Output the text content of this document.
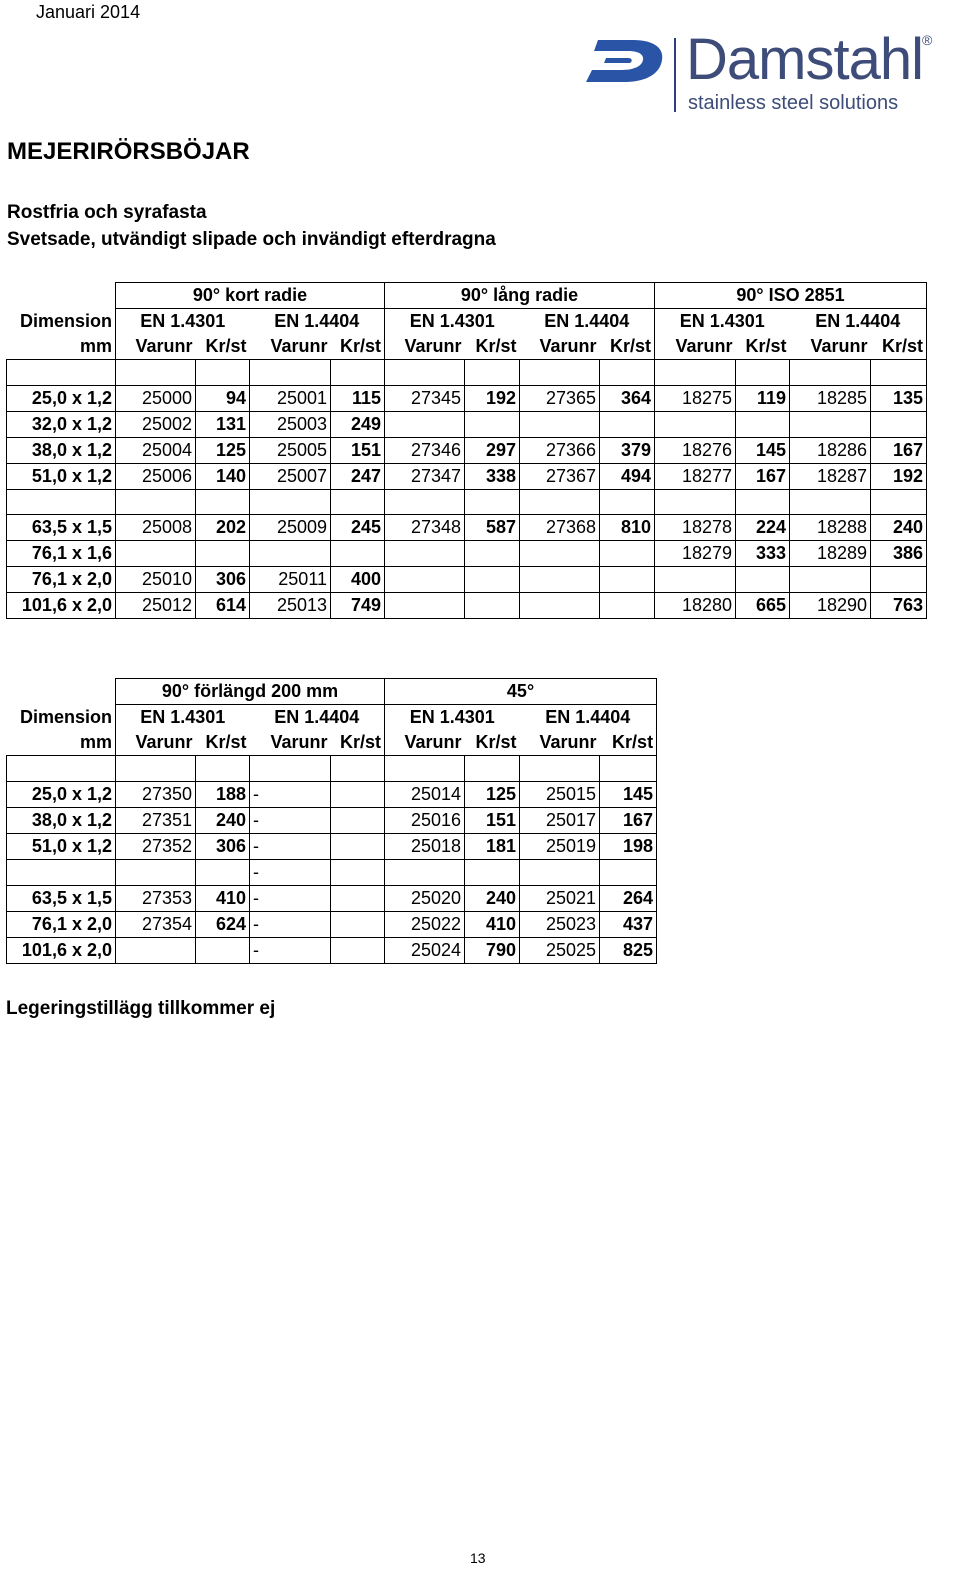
Januari 2014
Damstahl ®
stainless steel solutions
MEJERIRÖRSBÖJAR
Rostfria och syrafasta
Svetsade, utvändigt slipade och invändigt efterdragna
	90° kort radie				90° lång radie				90° ISO 2851			
Dimension	EN 1.4301		EN 1.4404		EN 1.4301		EN 1.4404		EN 1.4301		EN 1.4404	
mm	Varunr	Kr/st	Varunr	Kr/st	Varunr	Kr/st	Varunr	Kr/st	Varunr	Kr/st	Varunr	Kr/st

25,0 x 1,2	25000	94	25001	115	27345	192	27365	364	18275	119	18285	135
32,0 x 1,2	25002	131	25003	249								
38,0 x 1,2	25004	125	25005	151	27346	297	27366	379	18276	145	18286	167
51,0 x 1,2	25006	140	25007	247	27347	338	27367	494	18277	167	18287	192

63,5 x 1,5	25008	202	25009	245	27348	587	27368	810	18278	224	18288	240
76,1 x 1,6									18279	333	18289	386
76,1 x 2,0	25010	306	25011	400								
101,6 x 2,0	25012	614	25013	749					18280	665	18290	763
	90° förlängd 200 mm				45°			
Dimension	EN 1.4301		EN 1.4404		EN 1.4301		EN 1.4404	
mm	Varunr	Kr/st	Varunr	Kr/st	Varunr	Kr/st	Varunr	Kr/st

25,0 x 1,2	27350	188	-		25014	125	25015	145
38,0 x 1,2	27351	240	-		25016	151	25017	167
51,0 x 1,2	27352	306	-		25018	181	25019	198
			-					
63,5 x 1,5	27353	410	-		25020	240	25021	264
76,1 x 2,0	27354	624	-		25022	410	25023	437
101,6 x 2,0			-		25024	790	25025	825
Legeringstillägg tillkommer ej
13
